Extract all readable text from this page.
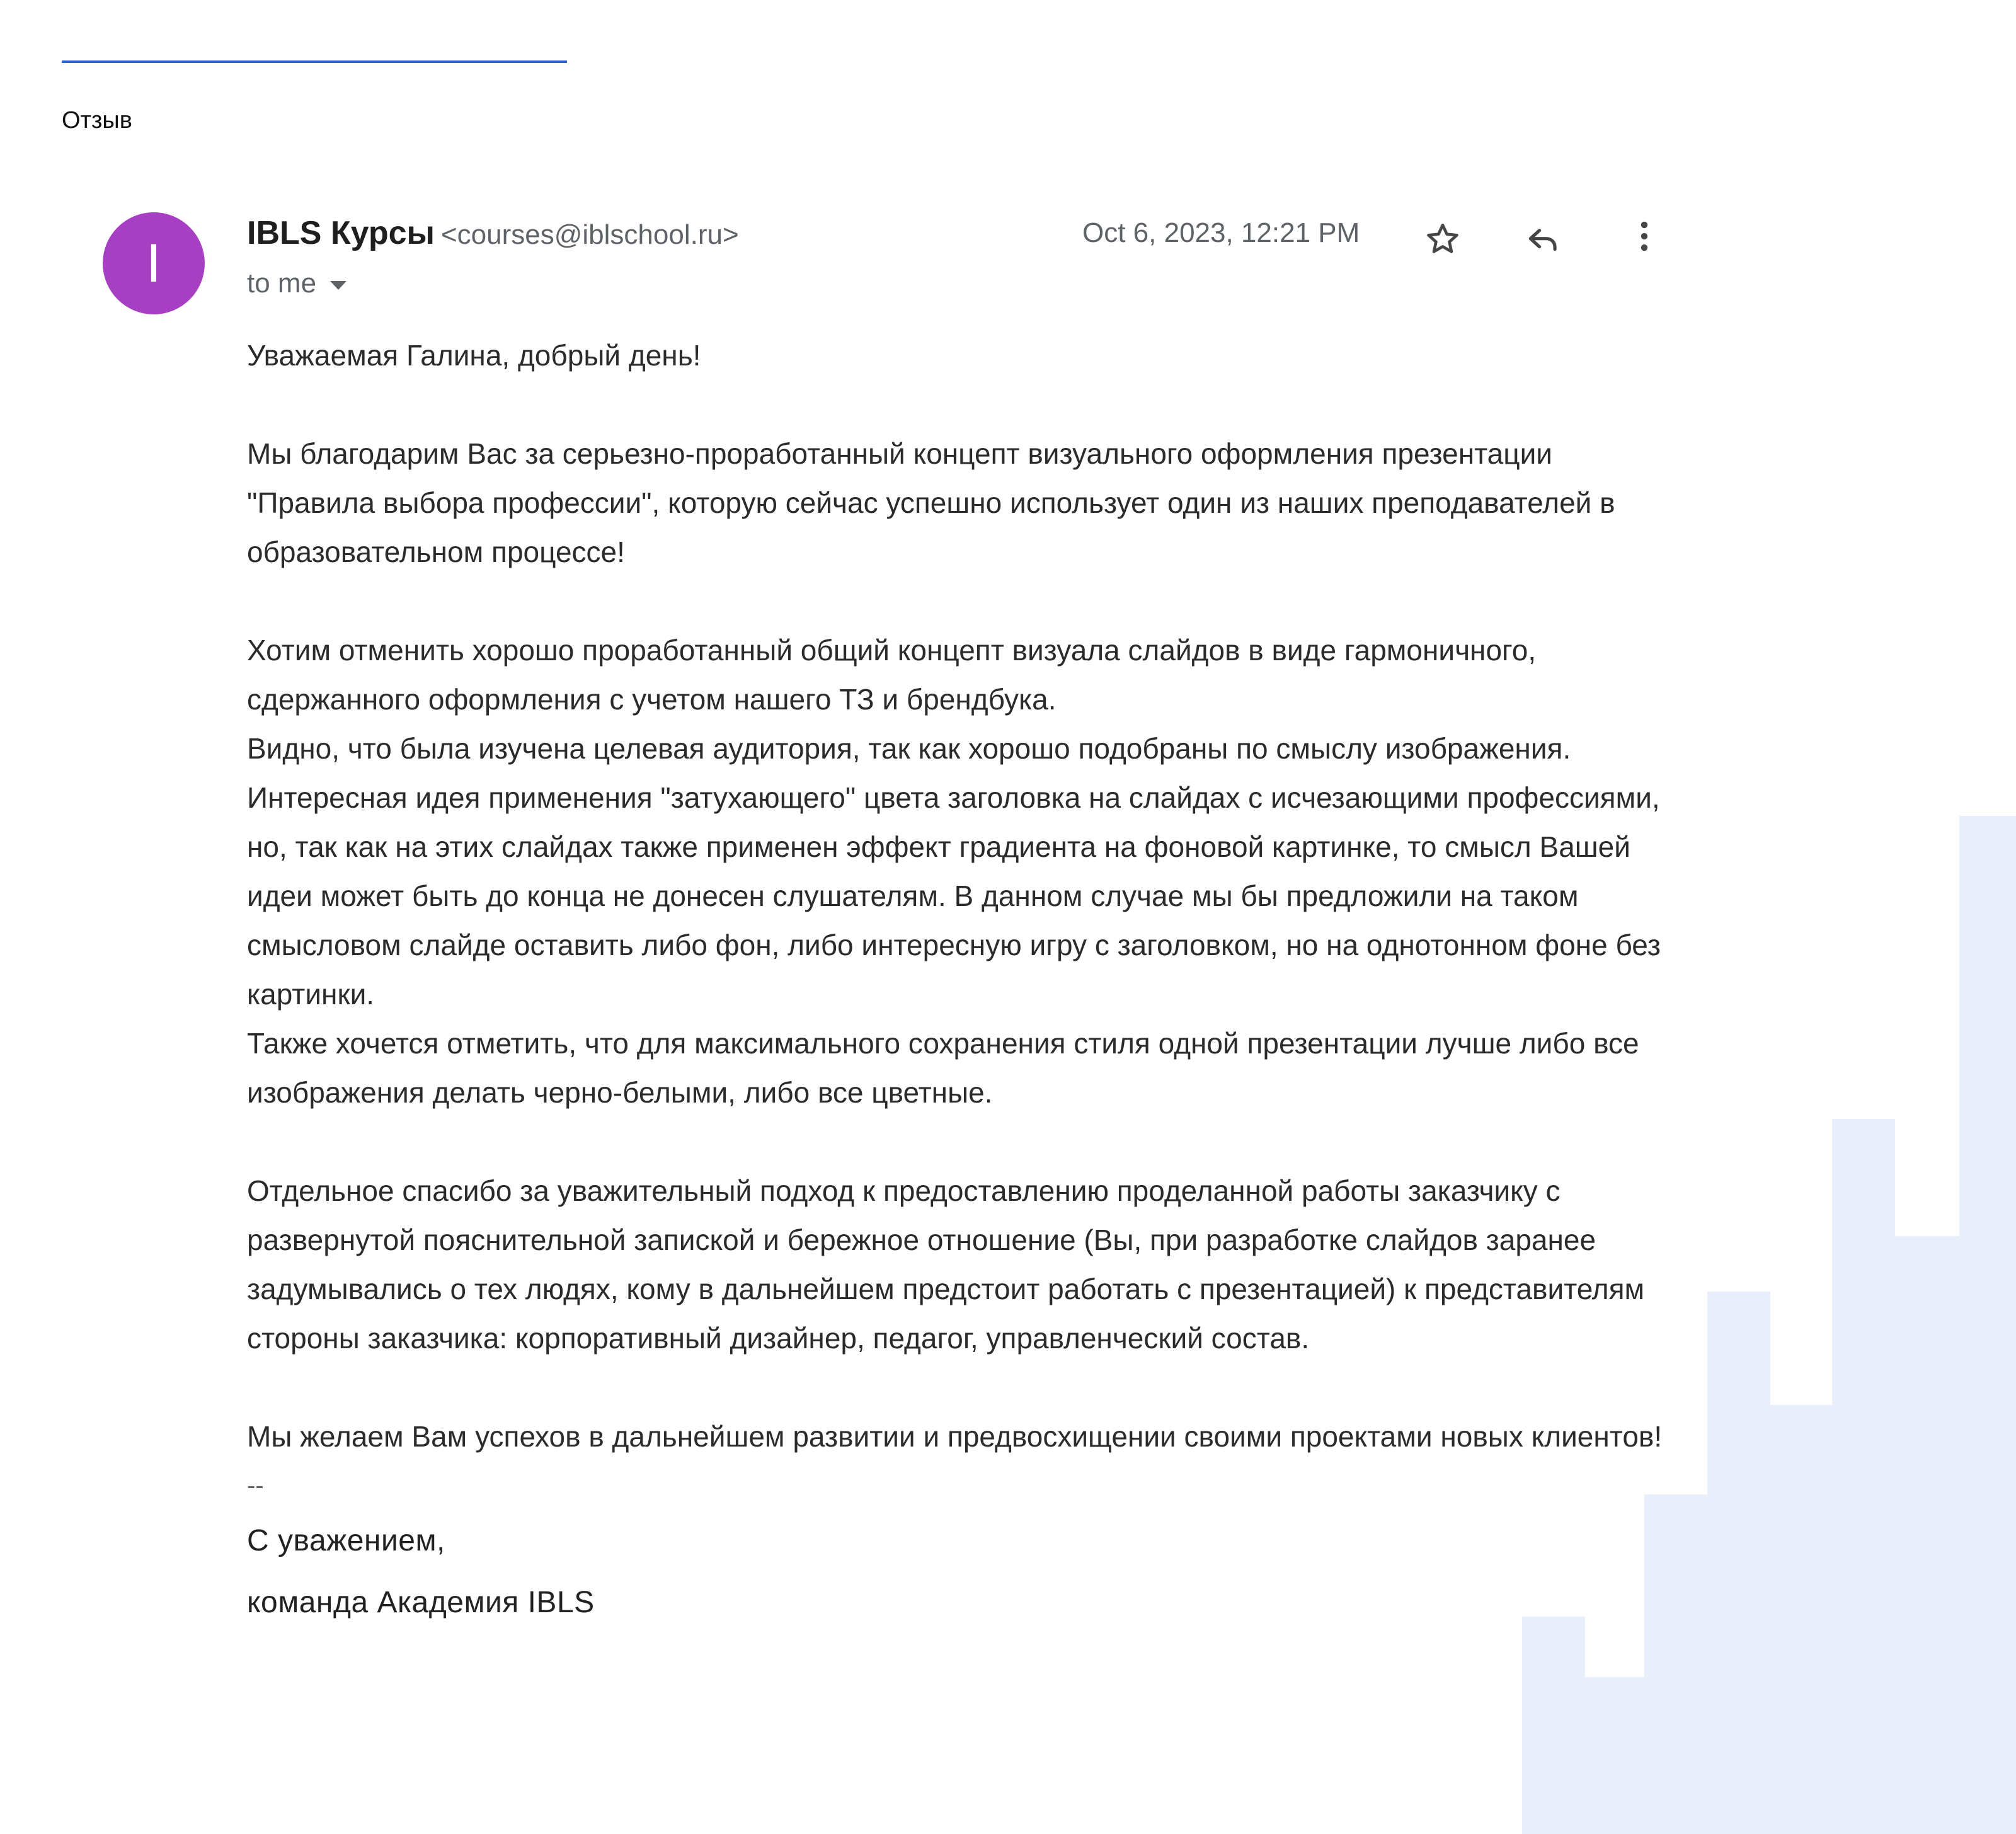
Отзыв
I	IBLS Курсы <courses@iblschool.ru>
to me
Oct 6, 2023, 12:21 PM

Уважаемая Галина, добрый день!

Мы благодарим Вас за серьезно-проработанный концепт визуального оформления презентации "Правила выбора профессии", которую сейчас успешно использует один из наших преподавателей в образовательном процессе!

Хотим отменить хорошо проработанный общий концепт визуала слайдов в виде гармоничного, сдержанного оформления с учетом нашего ТЗ и брендбука.

Видно, что была изучена целевая аудитория, так как хорошо подобраны по смыслу изображения.

Интересная идея применения "затухающего" цвета заголовка на слайдах с исчезающими профессиями, но, так как на этих слайдах также применен эффект градиента на фоновой картинке, то смысл Вашей идеи может быть до конца не донесен слушателям. В данном случае мы бы предложили на таком смысловом слайде оставить либо фон, либо интересную игру с заголовком, но на однотонном фоне без картинки.

Также хочется отметить, что для максимального сохранения стиля одной презентации лучше либо все изображения делать черно-белыми, либо все цветные.

Отдельное спасибо за уважительный подход к предоставлению проделанной работы заказчику с развернутой пояснительной запиской и бережное отношение (Вы, при разработке слайдов заранее задумывались о тех людях, кому в дальнейшем предстоит работать с презентацией) к представителям стороны заказчика: корпоративный дизайнер, педагог, управленческий состав.

Мы желаем Вам успехов в дальнейшем развитии и предвосхищении своими проектами новых клиентов!

--

С уважением,

команда Академия IBLS
